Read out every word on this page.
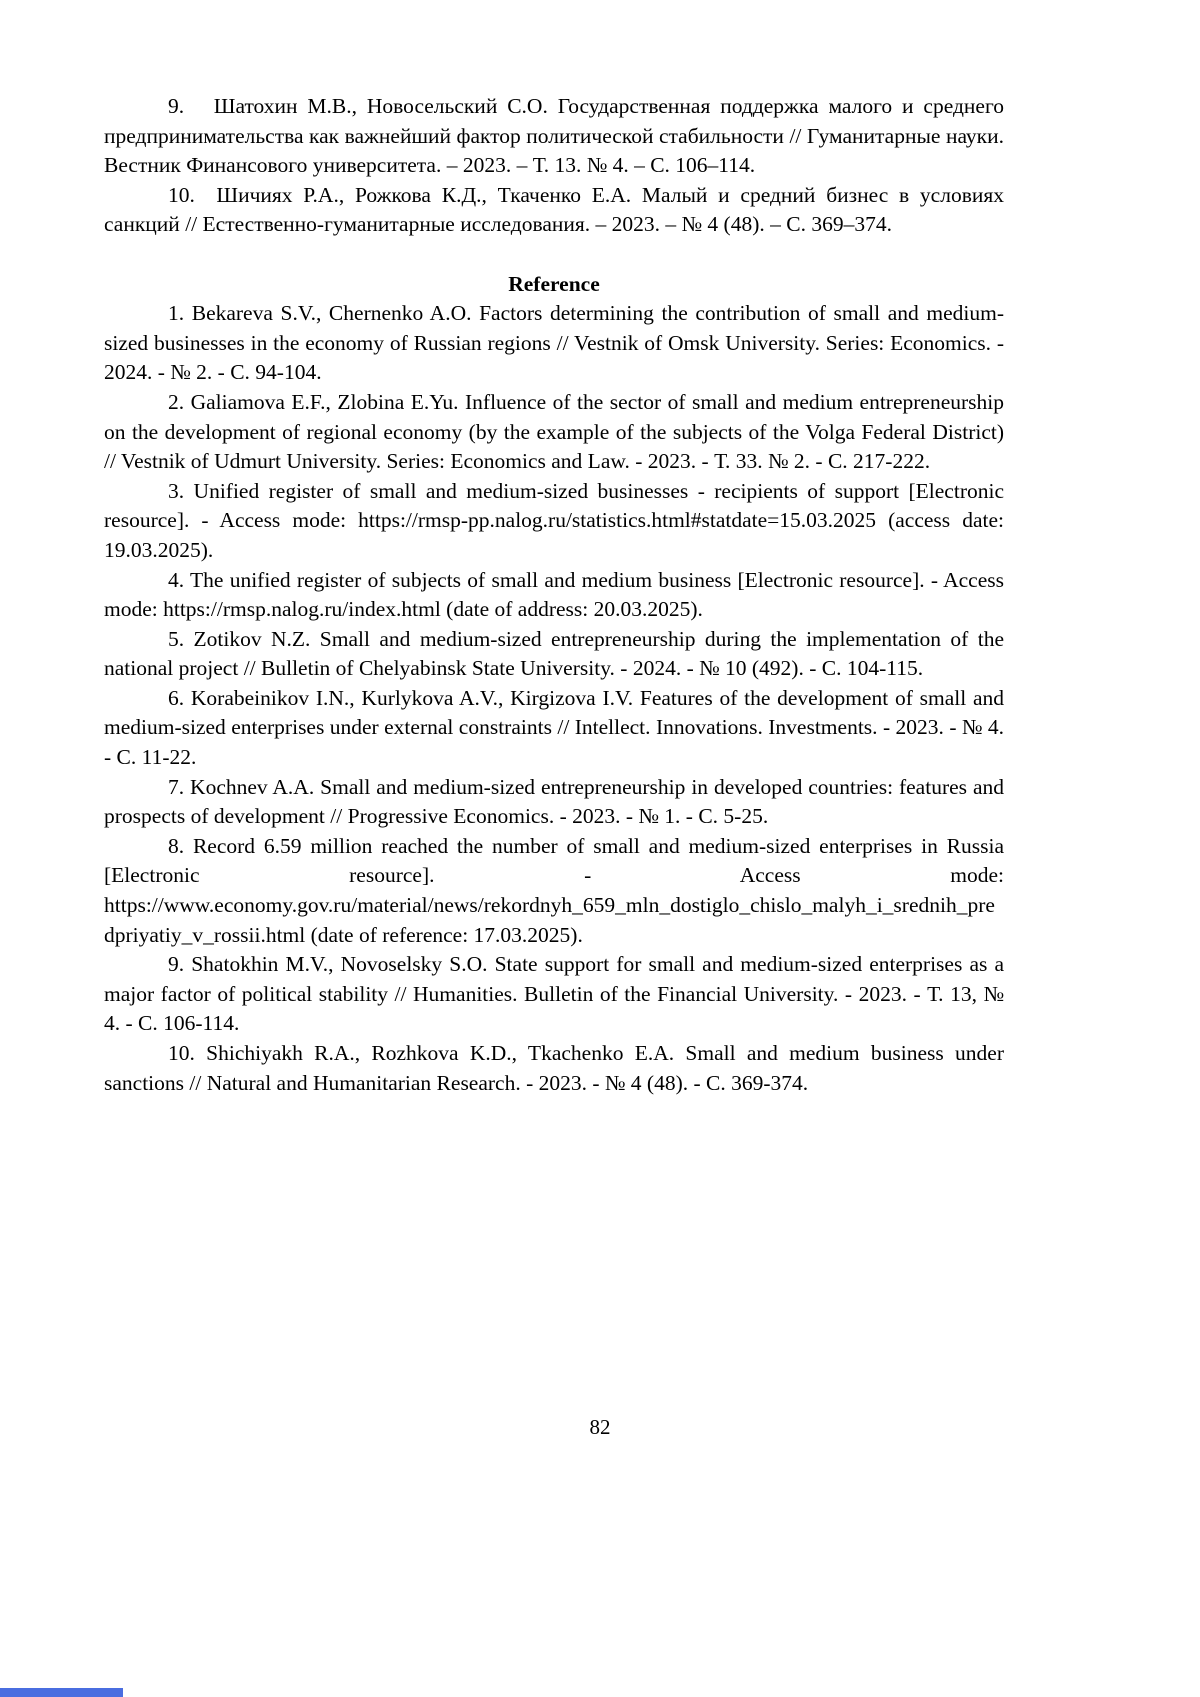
9.   Шатохин М.В., Новосельский С.О. Государственная поддержка малого и среднего предпринимательства как важнейший фактор политической стабильности // Гуманитарные науки. Вестник Финансового университета. – 2023. – Т. 13. № 4. – С. 106–114.

10.  Шичиях Р.А., Рожкова К.Д., Ткаченко Е.А. Малый и средний бизнес в условиях санкций // Естественно-гуманитарные исследования. – 2023. – № 4 (48). – С. 369–374.

Reference

1. Bekareva S.V., Chernenko A.O. Factors determining the contribution of small and medium-sized businesses in the economy of Russian regions // Vestnik of Omsk University. Series: Economics. - 2024. - № 2. - С. 94-104.

2. Galiamova E.F., Zlobina E.Yu. Influence of the sector of small and medium entrepreneurship on the development of regional economy (by the example of the subjects of the Volga Federal District) // Vestnik of Udmurt University. Series: Economics and Law. - 2023. - Т. 33. № 2. - С. 217-222.

3. Unified register of small and medium-sized businesses - recipients of support [Electronic resource]. - Access mode: https://rmsp-pp.nalog.ru/statistics.html#statdate=15.03.2025 (access date: 19.03.2025).

4. The unified register of subjects of small and medium business [Electronic resource]. - Access mode: https://rmsp.nalog.ru/index.html (date of address: 20.03.2025).

5. Zotikov N.Z. Small and medium-sized entrepreneurship during the implementation of the national project // Bulletin of Chelyabinsk State University. - 2024. - № 10 (492). - С. 104-115.

6. Korabeinikov I.N., Kurlykova A.V., Kirgizova I.V. Features of the development of small and medium-sized enterprises under external constraints // Intellect. Innovations. Investments. - 2023. - № 4. - С. 11-22.

7. Kochnev A.A. Small and medium-sized entrepreneurship in developed countries: features and prospects of development // Progressive Economics. - 2023. - № 1. - С. 5-25.

8. Record 6.59 million reached the number of small and medium-sized enterprises in Russia [Electronic resource]. - Access mode: https://www.economy.gov.ru/material/news/rekordnyh_659_mln_dostiglo_chislo_malyh_i_srednih_predpriyatiy_v_rossii.html (date of reference: 17.03.2025).

9. Shatokhin M.V., Novoselsky S.O. State support for small and medium-sized enterprises as a major factor of political stability // Humanities. Bulletin of the Financial University. - 2023. - Т. 13, № 4. - С. 106-114.

10. Shichiyakh R.A., Rozhkova K.D., Tkachenko E.A. Small and medium business under sanctions // Natural and Humanitarian Research. - 2023. - № 4 (48). - С. 369-374.

82
